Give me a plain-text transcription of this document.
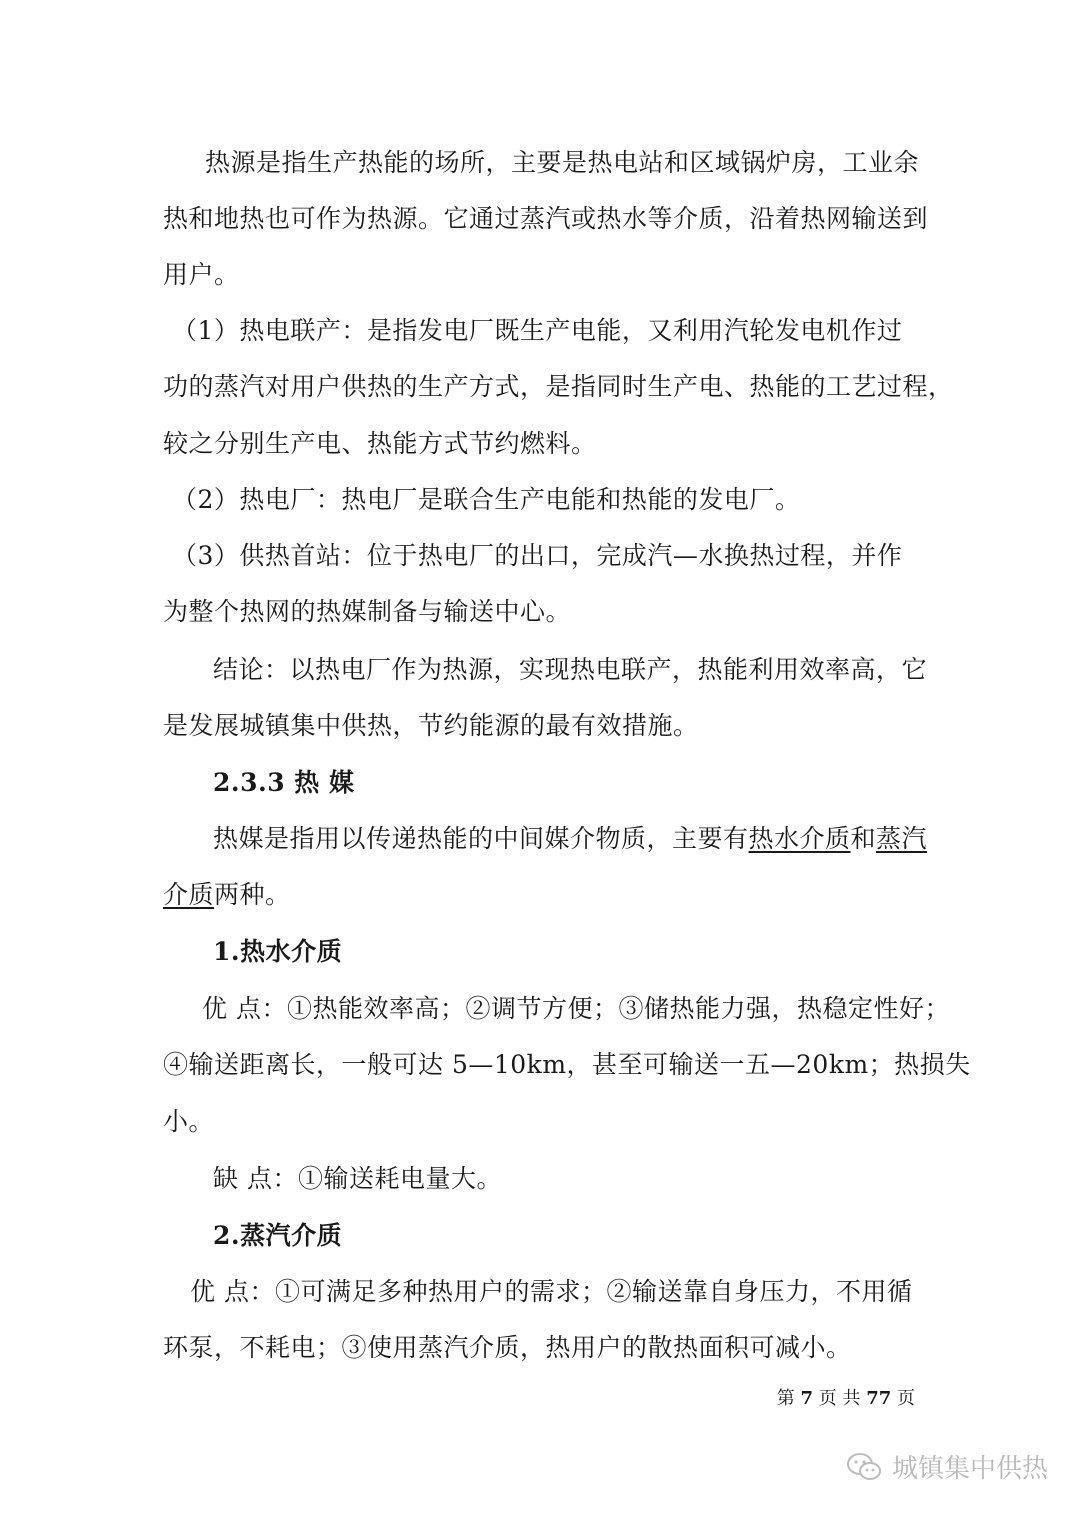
热源是指生产热能的场所，主要是热电站和区域锅炉房，工业余
热和地热也可作为热源。它通过蒸汽或热水等介质，沿着热网输送到
用户。
（1）热电联产：是指发电厂既生产电能，又利用汽轮发电机作过
功的蒸汽对用户供热的生产方式，是指同时生产电、热能的工艺过程，
较之分别生产电、热能方式节约燃料。
（2）热电厂：热电厂是联合生产电能和热能的发电厂。
（3）供热首站：位于热电厂的出口，完成汽—水换热过程，并作
为整个热网的热媒制备与输送中心。
结论：以热电厂作为热源，实现热电联产，热能利用效率高，它
是发展城镇集中供热，节约能源的最有效措施。
2.3.3 热 媒
热媒是指用以传递热能的中间媒介物质，主要有热水介质和蒸汽
介质两种。
1.热水介质
优 点：①热能效率高；②调节方便；③储热能力强，热稳定性好；
④输送距离长，一般可达 5—10km，甚至可输送一五—20km；热损失
小。
缺 点：①输送耗电量大。
2.蒸汽介质
优 点：①可满足多种热用户的需求；②输送靠自身压力，不用循
环泵，不耗电；③使用蒸汽介质，热用户的散热面积可减小。
第 7 页 共 77 页
城镇集中供热
